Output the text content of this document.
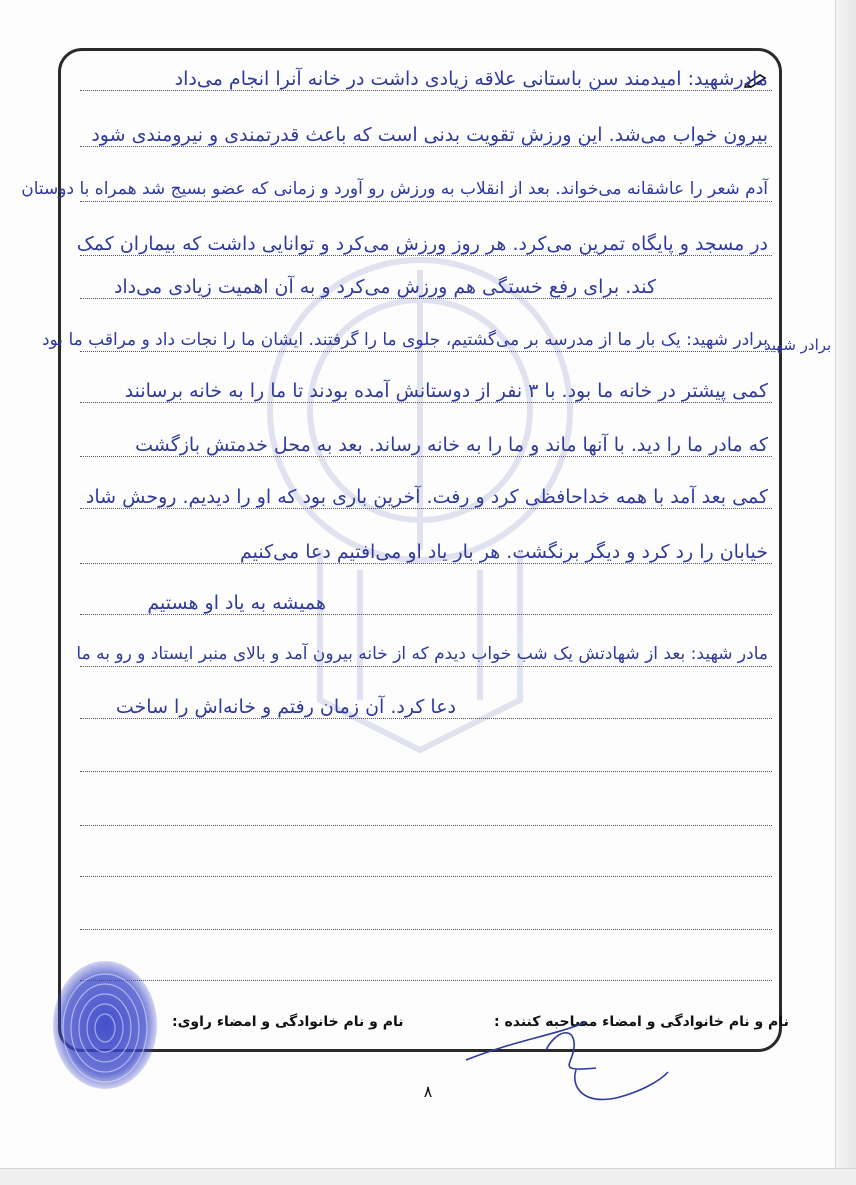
مادرشهید: امیدمند سن باستانی علاقه زیادی داشت در خانه آنرا انجام می‌داد
بیرون خواب می‌شد. این ورزش تقویت بدنی است که باعث قدرتمندی و نیرومندی شود
آدم شعر را عاشقانه می‌خواند. بعد از انقلاب به ورزش رو آورد و زمانی که عضو بسیج شد همراه با دوستان
در مسجد و پایگاه تمرین می‌کرد. هر روز ورزش می‌کرد و توانایی داشت که بیماران کمک
کند. برای رفع خستگی هم ورزش می‌کرد و به آن اهمیت زیادی می‌داد
برادر شهید: یک بار ما از مدرسه بر می‌گشتیم، جلوی ما را گرفتند. ایشان ما را نجات داد و مراقب ما بود
کمی پیشتر در خانه ما بود. با ۳ نفر از دوستانش آمده بودند تا ما را به خانه برسانند
که مادر ما را دید. با آنها ماند و ما را به خانه رساند. بعد به محل خدمتش بازگشت
کمی بعد آمد با همه خداحافظی کرد و رفت. آخرین باری بود که او را دیدیم. روحش شاد
خیابان را رد کرد و دیگر برنگشت. هر بار یاد او می‌افتیم دعا می‌کنیم
همیشه به یاد او هستیم
مادر شهید: بعد از شهادتش یک شب خواب دیدم که از خانه بیرون آمد و بالای منبر ایستاد و رو به ما
دعا کرد. آن زمان رفتم و خانه‌اش را ساخت
برادر شهید
نام و نام خانوادگی و امضاء راوی:	نام و نام خانوادگی و امضاء مصاحبه کننده :
۸
